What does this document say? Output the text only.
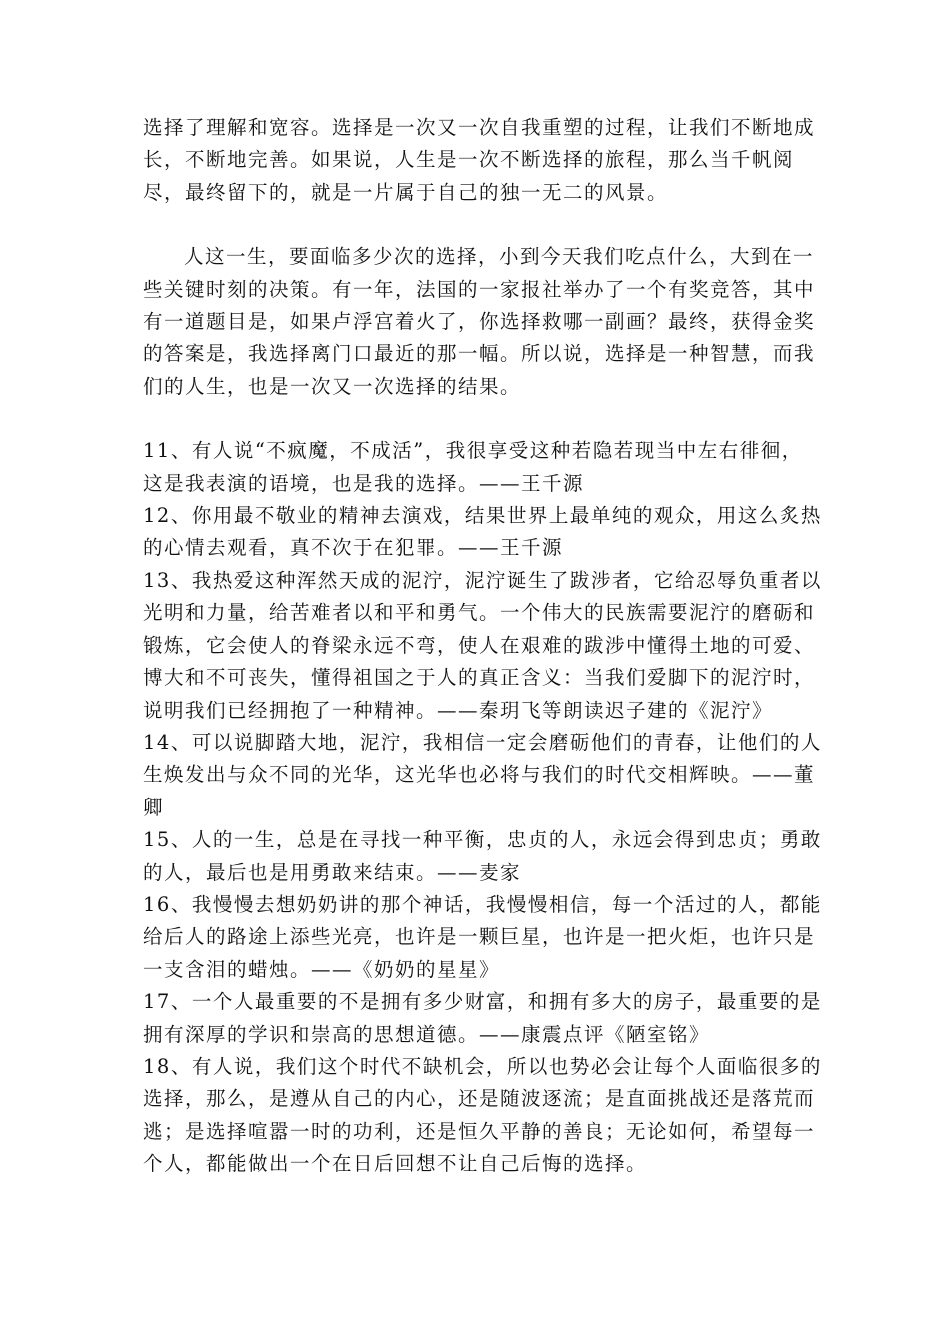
选择了理解和宽容。选择是一次又一次自我重塑的过程，让我们不断地成长，不断地完善。如果说，人生是一次不断选择的旅程，那么当千帆阅尽，最终留下的，就是一片属于自己的独一无二的风景。

人这一生，要面临多少次的选择，小到今天我们吃点什么，大到在一些关键时刻的决策。有一年，法国的一家报社举办了一个有奖竞答，其中有一道题目是，如果卢浮宫着火了，你选择救哪一副画？最终，获得金奖的答案是，我选择离门口最近的那一幅。所以说，选择是一种智慧，而我们的人生，也是一次又一次选择的结果。

11、有人说“不疯魔，不成活”，我很享受这种若隐若现当中左右徘徊，这是我表演的语境，也是我的选择。——王千源

12、你用最不敬业的精神去演戏，结果世界上最单纯的观众，用这么炙热的心情去观看，真不次于在犯罪。——王千源

13、我热爱这种浑然天成的泥泞，泥泞诞生了跋涉者，它给忍辱负重者以光明和力量，给苦难者以和平和勇气。一个伟大的民族需要泥泞的磨砺和锻炼，它会使人的脊梁永远不弯，使人在艰难的跋涉中懂得土地的可爱、博大和不可丧失，懂得祖国之于人的真正含义：当我们爱脚下的泥泞时，说明我们已经拥抱了一种精神。——秦玥飞等朗读迟子建的《泥泞》

14、可以说脚踏大地，泥泞，我相信一定会磨砺他们的青春，让他们的人生焕发出与众不同的光华，这光华也必将与我们的时代交相辉映。——董卿

15、人的一生，总是在寻找一种平衡，忠贞的人，永远会得到忠贞；勇敢的人，最后也是用勇敢来结束。——麦家

16、我慢慢去想奶奶讲的那个神话，我慢慢相信，每一个活过的人，都能给后人的路途上添些光亮，也许是一颗巨星，也许是一把火炬，也许只是一支含泪的蜡烛。——《奶奶的星星》

17、一个人最重要的不是拥有多少财富，和拥有多大的房子，最重要的是拥有深厚的学识和崇高的思想道德。——康震点评《陋室铭》

18、有人说，我们这个时代不缺机会，所以也势必会让每个人面临很多的选择，那么，是遵从自己的内心，还是随波逐流；是直面挑战还是落荒而逃；是选择喧嚣一时的功利，还是恒久平静的善良；无论如何，希望每一个人，都能做出一个在日后回想不让自己后悔的选择。
